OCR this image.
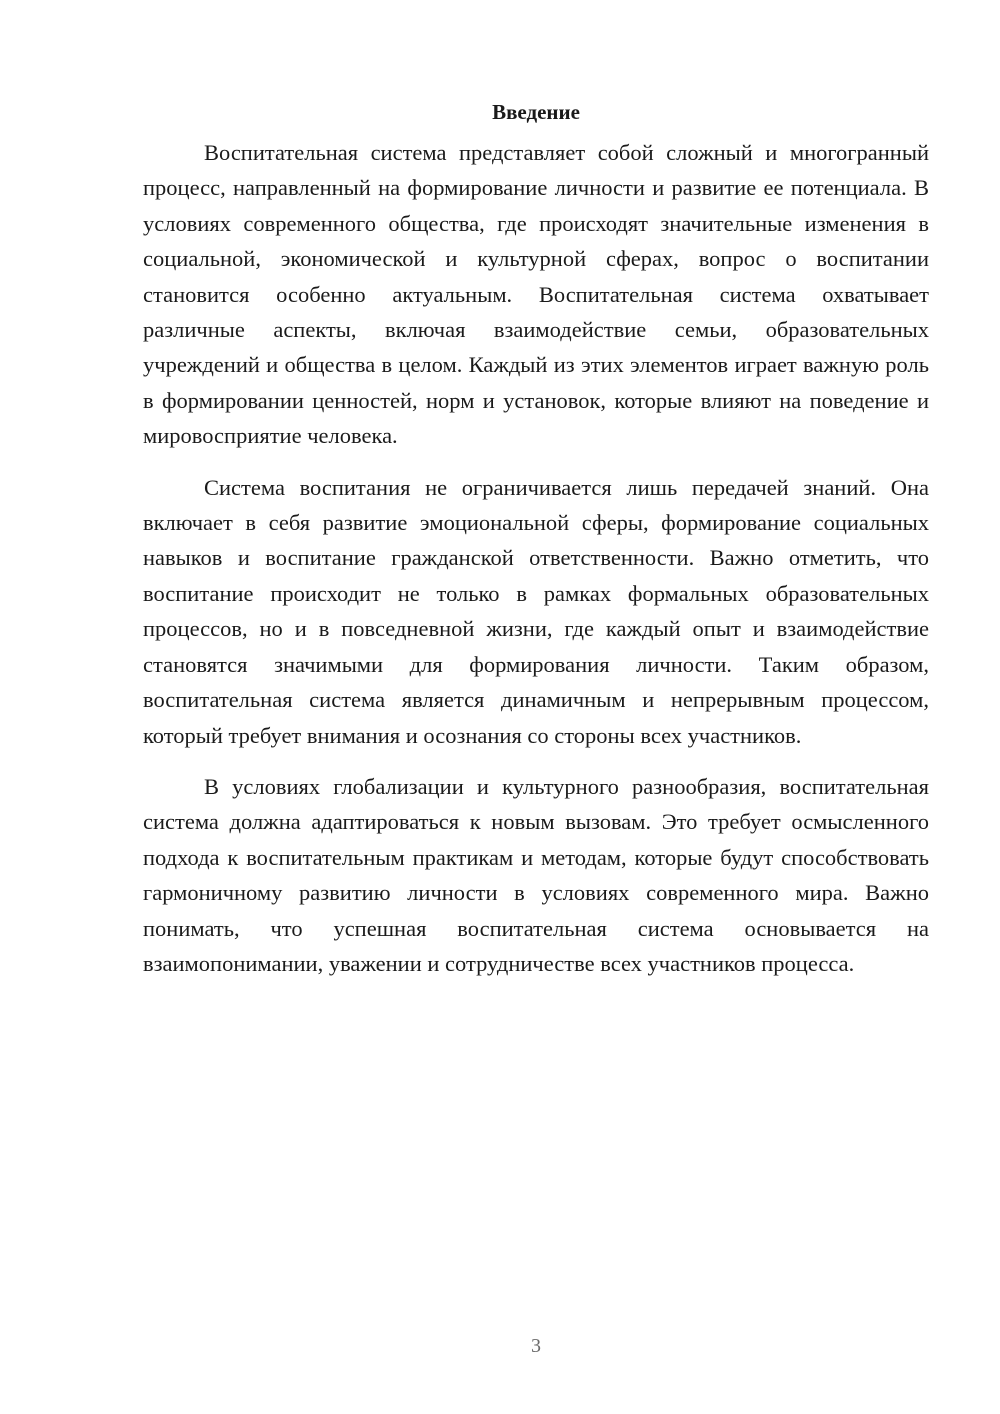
Введение

Воспитательная система представляет собой сложный и многогранный процесс, направленный на формирование личности и развитие ее потенциала. В условиях современного общества, где происходят значительные изменения в социальной, экономической и культурной сферах, вопрос о воспитании становится особенно актуальным. Воспитательная система охватывает различные аспекты, включая взаимодействие семьи, образовательных учреждений и общества в целом. Каждый из этих элементов играет важную роль в формировании ценностей, норм и установок, которые влияют на поведение и мировосприятие человека.

Система воспитания не ограничивается лишь передачей знаний. Она включает в себя развитие эмоциональной сферы, формирование социальных навыков и воспитание гражданской ответственности. Важно отметить, что воспитание происходит не только в рамках формальных образовательных процессов, но и в повседневной жизни, где каждый опыт и взаимодействие становятся значимыми для формирования личности. Таким образом, воспитательная система является динамичным и непрерывным процессом, который требует внимания и осознания со стороны всех участников.

В условиях глобализации и культурного разнообразия, воспитательная система должна адаптироваться к новым вызовам. Это требует осмысленного подхода к воспитательным практикам и методам, которые будут способствовать гармоничному развитию личности в условиях современного мира. Важно понимать, что успешная воспитательная система основывается на взаимопонимании, уважении и сотрудничестве всех участников процесса.

3
